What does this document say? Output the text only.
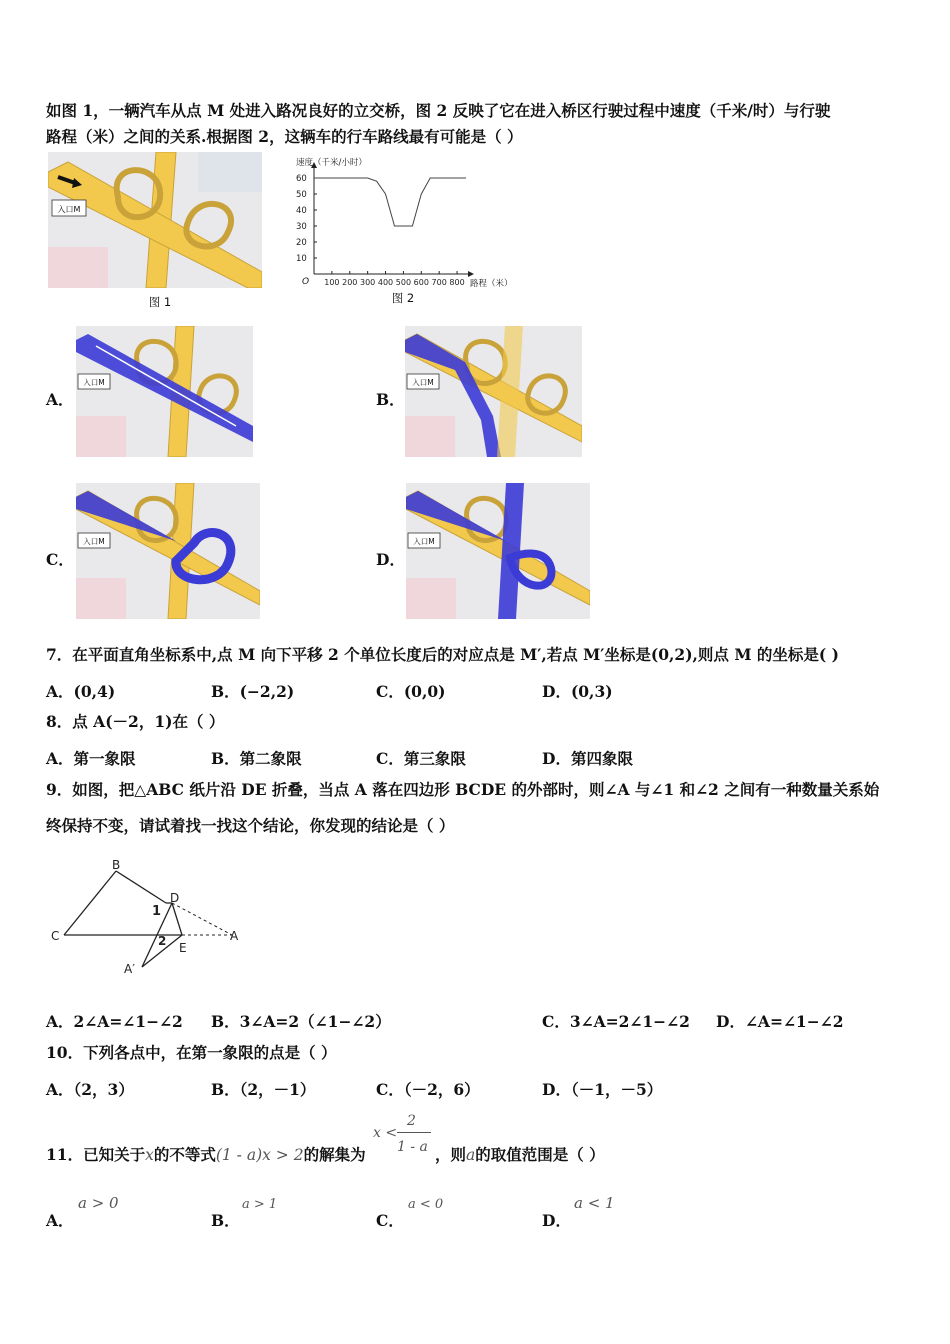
如图 1，一辆汽车从点 M 处进入路况良好的立交桥，图 2 反映了它在进入桥区行驶过程中速度（千米/时）与行驶
路程（米）之间的关系.根据图 2，这辆车的行车路线最有可能是（ ）
入口M
图 1
速度（千米/小时）
路程（米）
O
60
50
40
30
20
10
100 200 300 400 500 600 700 800
图 2
A．
入口M
B．
入口M
C．
入口M
D．
入口M
7．在平面直角坐标系中,点 M 向下平移 2 个单位长度后的对应点是 M′,若点 M′坐标是(0,2),则点 M 的坐标是( )
A．(0,4)	B．(−2,2)	C．(0,0)	D．(0,3)
8．点 A(－2，1)在（ ）
A．第一象限	B．第二象限	C．第三象限	D．第四象限
9．如图，把△ABC 纸片沿 DE 折叠，当点 A 落在四边形 BCDE 的外部时，则∠A 与∠1 和∠2 之间有一种数量关系始
终保持不变，请试着找一找这个结论，你发现的结论是（ ）
B
C
D
A
E
A′
1
2
A．2∠A=∠1−∠2 B．3∠A=2（∠1−∠2）	C．3∠A=2∠1−∠2 D．∠A=∠1−∠2
10．下列各点中，在第一象限的点是（ ）
A．（2，3）	B．（2，－1）	C．（－2，6）	D．（－1，－5）
11．已知关于x的不等式(1 - a)x > 2的解集为
x <
2
1 - a ，则a的取值范围是（ ）
A．
a > 0
B．
a > 1
C．
a < 0
D．
a < 1
